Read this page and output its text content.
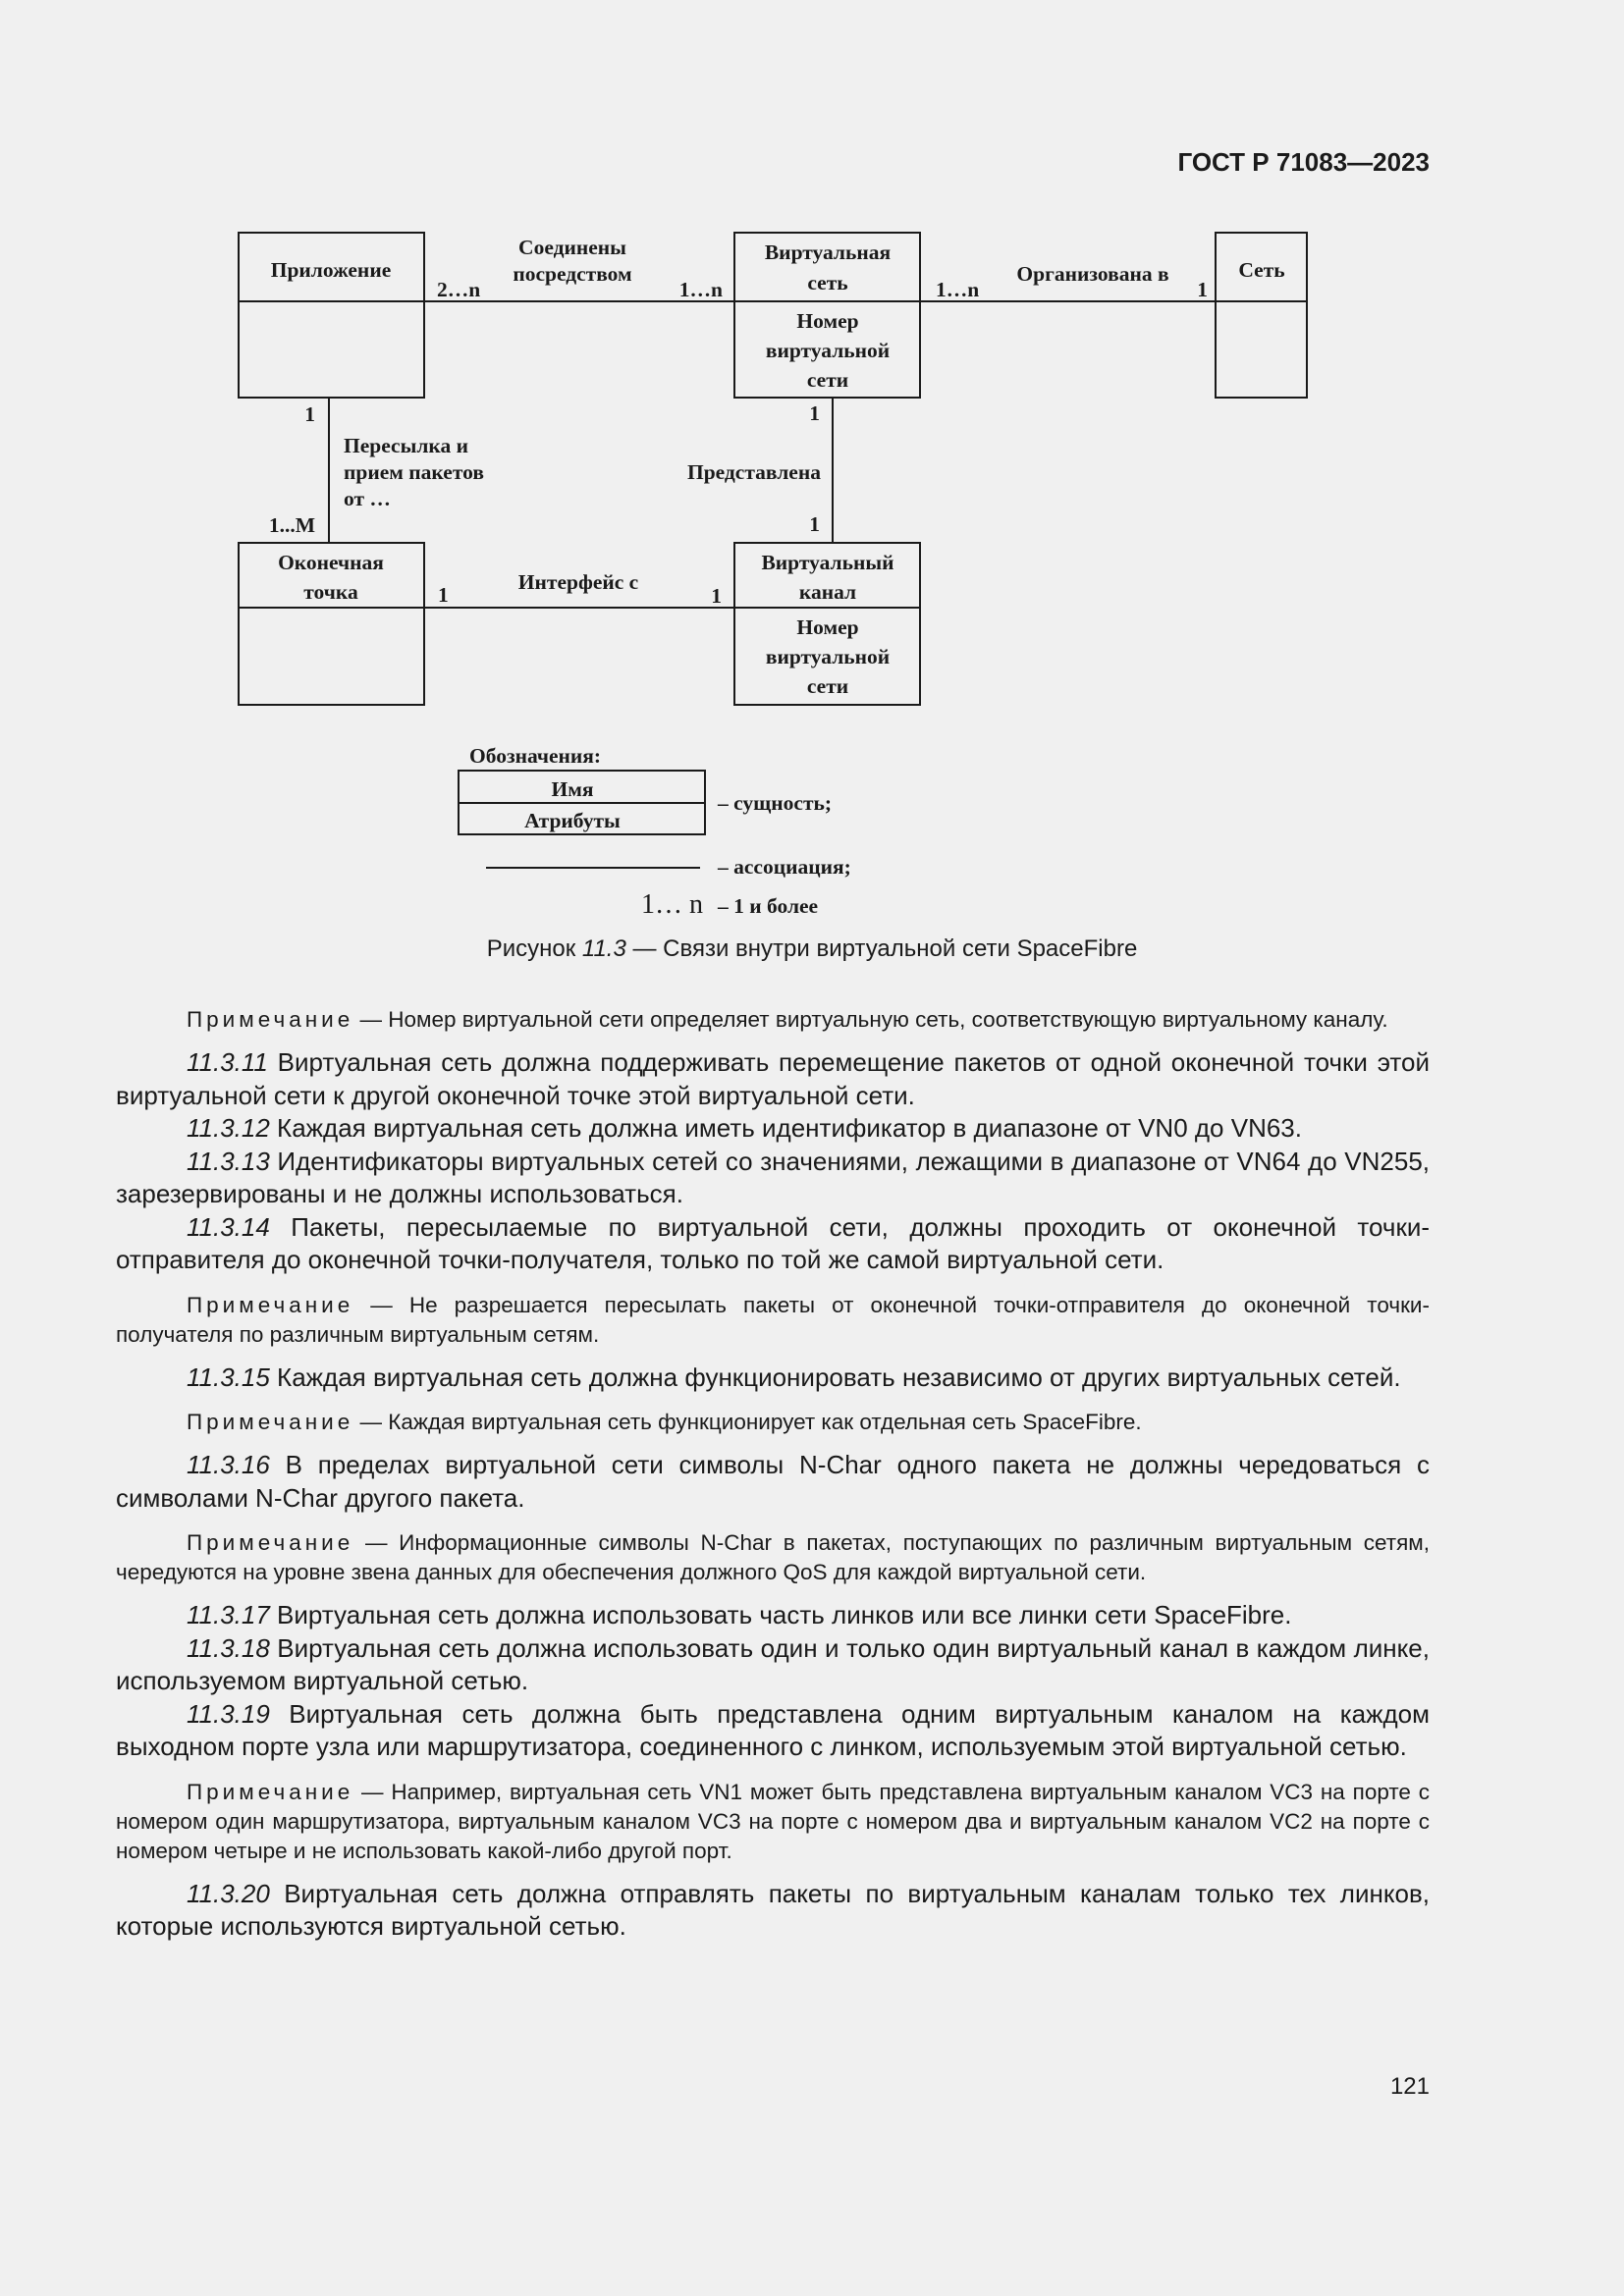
ГОСТ Р 71083—2023
Приложение
Виртуальная
сеть
Номер
виртуальной
сети
Сеть
Оконечная
точка
Виртуальный
канал
Номер
виртуальной
сети
Соединены
посредством
2…n	1…n
Организована в
1…n	1
1
Пересылка и
прием пакетов
от …
1...M
1
Представлена
1
Интерфейс с
1	1
Обозначения:
Имя
Атрибуты
– сущность;
– ассоциация;
1… n – 1 и более
Рисунок 11.3 — Связи внутри виртуальной сети SpaceFibre

Примечание — Номер виртуальной сети определяет виртуальную сеть, соответствующую виртуальному каналу.

11.3.11 Виртуальная сеть должна поддерживать перемещение пакетов от одной оконечной точки этой виртуальной сети к другой оконечной точке этой виртуальной сети.

11.3.12 Каждая виртуальная сеть должна иметь идентификатор в диапазоне от VN0 до VN63.

11.3.13 Идентификаторы виртуальных сетей со значениями, лежащими в диапазоне от VN64 до VN255, зарезервированы и не должны использоваться.

11.3.14 Пакеты, пересылаемые по виртуальной сети, должны проходить от оконечной точки-отправителя до оконечной точки-получателя, только по той же самой виртуальной сети.

Примечание — Не разрешается пересылать пакеты от оконечной точки-отправителя до оконечной точки-получателя по различным виртуальным сетям.

11.3.15 Каждая виртуальная сеть должна функционировать независимо от других виртуальных сетей.

Примечание — Каждая виртуальная сеть функционирует как отдельная сеть SpaceFibre.

11.3.16 В пределах виртуальной сети символы N-Char одного пакета не должны чередоваться с символами N-Char другого пакета.

Примечание — Информационные символы N-Char в пакетах, поступающих по различным виртуальным сетям, чередуются на уровне звена данных для обеспечения должного QoS для каждой виртуальной сети.

11.3.17 Виртуальная сеть должна использовать часть линков или все линки сети SpaceFibre.

11.3.18 Виртуальная сеть должна использовать один и только один виртуальный канал в каждом линке, используемом виртуальной сетью.

11.3.19 Виртуальная сеть должна быть представлена одним виртуальным каналом на каждом выходном порте узла или маршрутизатора, соединенного с линком, используемым этой виртуальной сетью.

Примечание — Например, виртуальная сеть VN1 может быть представлена виртуальным каналом VC3 на порте с номером один маршрутизатора, виртуальным каналом VC3 на порте с номером два и виртуальным каналом VC2 на порте с номером четыре и не использовать какой-либо другой порт.

11.3.20 Виртуальная сеть должна отправлять пакеты по виртуальным каналам только тех линков, которые используются виртуальной сетью.

121
